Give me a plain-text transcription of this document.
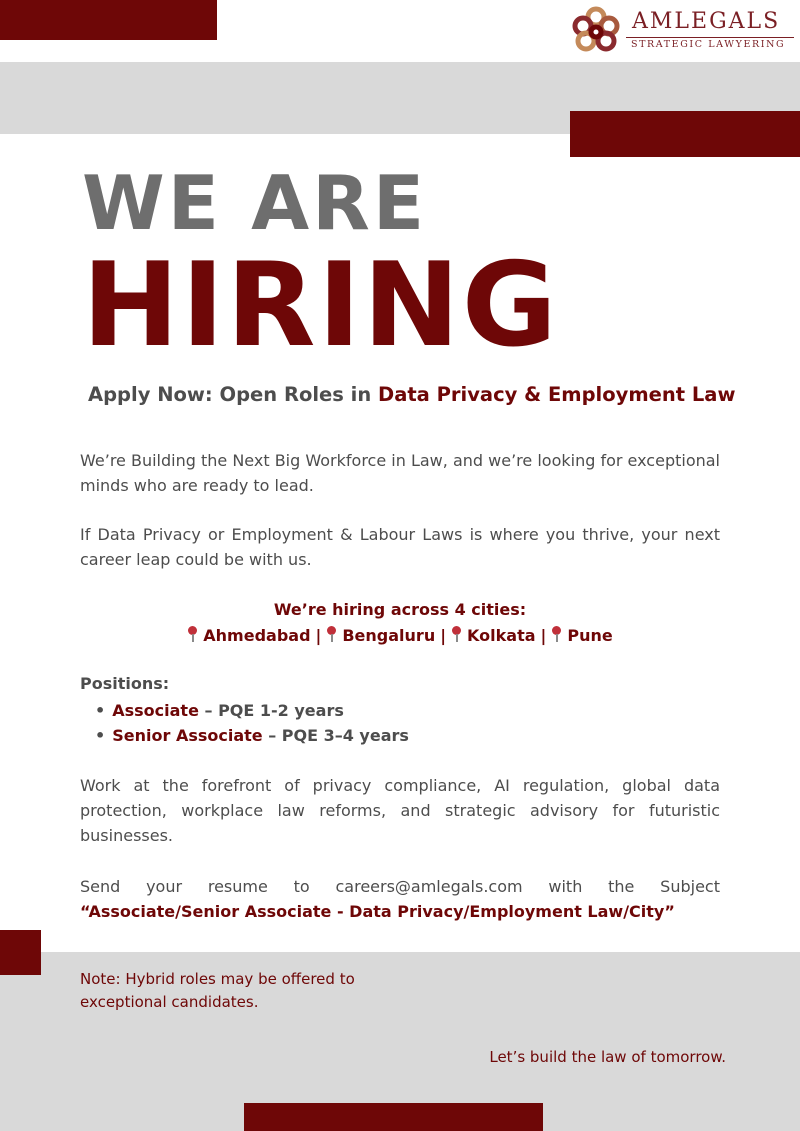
AMLEGALS
STRATEGIC LAWYERING
WE ARE
HIRING
Apply Now: Open Roles in Data Privacy & Employment Law

We’re Building the Next Big Workforce in Law, and we’re looking for exceptional minds who are ready to lead.

If Data Privacy or Employment & Labour Laws is where you thrive, your next career leap could be with us.

We’re hiring across 4 cities:
Ahmedabad | Bengaluru | Kolkata | Pune
Positions:
• Associate – PQE 1-2 years
• Senior Associate – PQE 3–4 years

Work at the forefront of privacy compliance, AI regulation, global data protection, workplace law reforms, and strategic advisory for futuristic businesses.

Send your resume to careers@amlegals.com with the Subject
“Associate/Senior Associate - Data Privacy/Employment Law/City”

Note: Hybrid roles may be offered to exceptional candidates.

Let’s build the law of tomorrow.
